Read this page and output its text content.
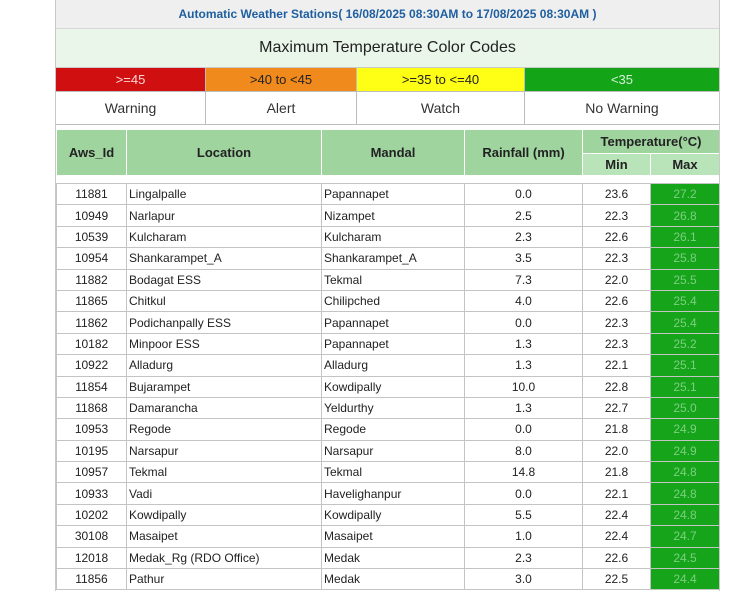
Automatic Weather Stations( 16/08/2025 08:30AM to 17/08/2025 08:30AM )
Maximum Temperature Color Codes
>=45	>40 to <45	>=35 to <=40	<35
Warning	Alert	Watch	No Warning
Aws_Id	Location	Mandal	Rainfall (mm)	Temperature(°C)	
				Min	Max

11881	Lingalpalle	Papannapet	0.0	23.6	27.2
10949	Narlapur	Nizampet	2.5	22.3	26.8
10539	Kulcharam	Kulcharam	2.3	22.6	26.1
10954	Shankarampet_A	Shankarampet_A	3.5	22.3	25.8
11882	Bodagat ESS	Tekmal	7.3	22.0	25.5
11865	Chitkul	Chilipched	4.0	22.6	25.4
11862	Podichanpally ESS	Papannapet	0.0	22.3	25.4
10182	Minpoor ESS	Papannapet	1.3	22.3	25.2
10922	Alladurg	Alladurg	1.3	22.1	25.1
11854	Bujarampet	Kowdipally	10.0	22.8	25.1
11868	Damarancha	Yeldurthy	1.3	22.7	25.0
10953	Regode	Regode	0.0	21.8	24.9
10195	Narsapur	Narsapur	8.0	22.0	24.9
10957	Tekmal	Tekmal	14.8	21.8	24.8
10933	Vadi	Havelighanpur	0.0	22.1	24.8
10202	Kowdipally	Kowdipally	5.5	22.4	24.8
30108	Masaipet	Masaipet	1.0	22.4	24.7
12018	Medak_Rg (RDO Office)	Medak	2.3	22.6	24.5
11856	Pathur	Medak	3.0	22.5	24.4
